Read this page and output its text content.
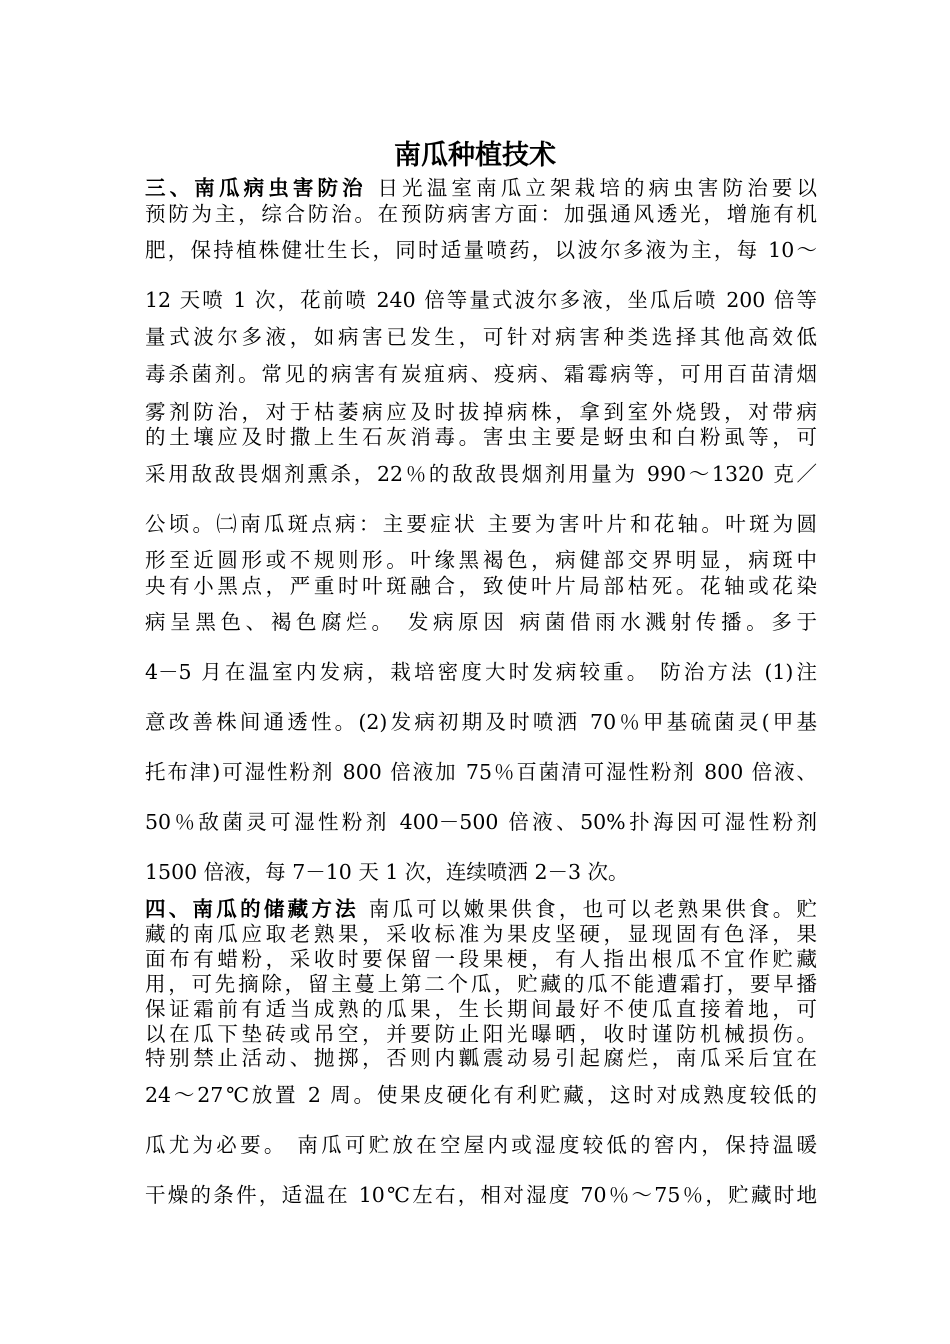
南瓜种植技术
三、南瓜病虫害防治 日光温室南瓜立架栽培的病虫害防治要以
预防为主，综合防治。在预防病害方面：加强通风透光，增施有机
肥，保持植株健壮生长，同时适量喷药，以波尔多液为主，每 10～
12 天喷 1 次，花前喷 240 倍等量式波尔多液，坐瓜后喷 200 倍等
量式波尔多液，如病害已发生，可针对病害种类选择其他高效低
毒杀菌剂。常见的病害有炭疽病、疫病、霜霉病等，可用百苗清烟
雾剂防治，对于枯萎病应及时拔掉病株，拿到室外烧毁，对带病
的土壤应及时撒上生石灰消毒。害虫主要是蚜虫和白粉虱等，可
采用敌敌畏烟剂熏杀，22％的敌敌畏烟剂用量为 990～1320 克／
公顷。㈡南瓜斑点病：主要症状 主要为害叶片和花轴。叶斑为圆
形至近圆形或不规则形。叶缘黑褐色，病健部交界明显，病斑中
央有小黑点，严重时叶斑融合，致使叶片局部枯死。花轴或花染
病呈黑色、褐色腐烂。 发病原因 病菌借雨水溅射传播。多于
4－5 月在温室内发病，栽培密度大时发病较重。 防治方法 (1)注
意改善株间通透性。(2)发病初期及时喷洒 70％甲基硫菌灵(甲基
托布津)可湿性粉剂 800 倍液加 75％百菌清可湿性粉剂 800 倍液、
50％敌菌灵可湿性粉剂 400－500 倍液、50%扑海因可湿性粉剂
1500 倍液，每 7－10 天 1 次，连续喷洒 2－3 次。
四、南瓜的储藏方法 南瓜可以嫩果供食，也可以老熟果供食。贮
藏的南瓜应取老熟果，采收标准为果皮坚硬，显现固有色泽，果
面布有蜡粉，采收时要保留一段果梗，有人指出根瓜不宜作贮藏
用，可先摘除，留主蔓上第二个瓜，贮藏的瓜不能遭霜打，要早播
保证霜前有适当成熟的瓜果，生长期间最好不使瓜直接着地，可
以在瓜下垫砖或吊空，并要防止阳光曝晒，收时谨防机械损伤。
特别禁止活动、抛掷，否则内瓤震动易引起腐烂，南瓜采后宜在
24～27℃放置 2 周。使果皮硬化有利贮藏，这时对成熟度较低的
瓜尤为必要。 南瓜可贮放在空屋内或湿度较低的窖内，保持温暖
干燥的条件，适温在 10℃左右，相对湿度 70％～75％，贮藏时地
